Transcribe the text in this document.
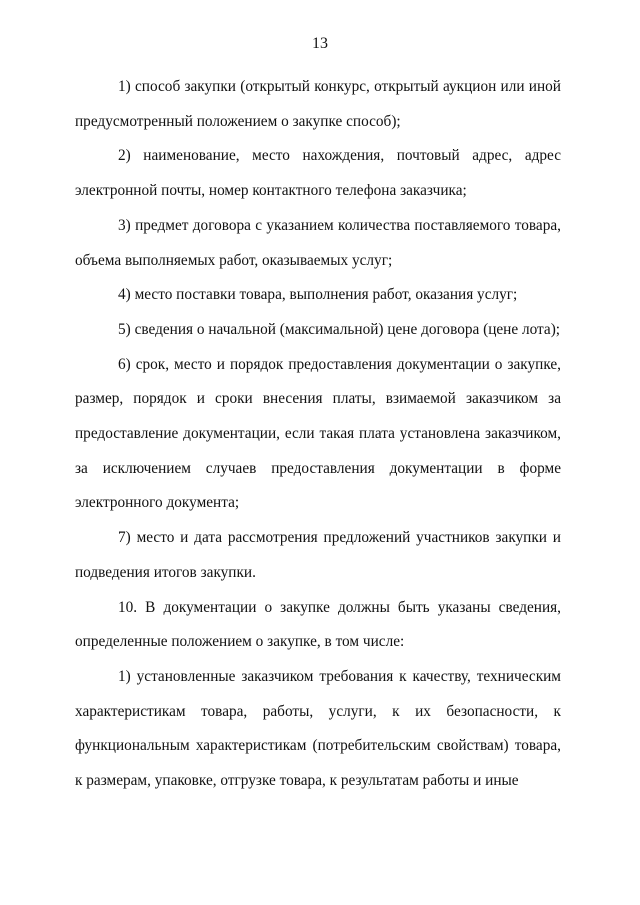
13

1) способ закупки (открытый конкурс, открытый аукцион или иной предусмотренный положением о закупке способ);

2) наименование, место нахождения, почтовый адрес, адрес электронной почты, номер контактного телефона заказчика;

3) предмет договора с указанием количества поставляемого товара, объема выполняемых работ, оказываемых услуг;

4) место поставки товара, выполнения работ, оказания услуг;

5) сведения о начальной (максимальной) цене договора (цене лота);

6) срок, место и порядок предоставления документации о закупке, размер, порядок и сроки внесения платы, взимаемой заказчиком за предоставление документации, если такая плата установлена заказчиком, за исключением случаев предоставления документации в форме электронного документа;

7) место и дата рассмотрения предложений участников закупки и подведения итогов закупки.

10. В документации о закупке должны быть указаны сведения, определенные положением о закупке, в том числе:

1) установленные заказчиком требования к качеству, техническим характеристикам товара, работы, услуги, к их безопасности, к функциональным характеристикам (потребительским свойствам) товара, к размерам, упаковке, отгрузке товара, к результатам работы и иные
